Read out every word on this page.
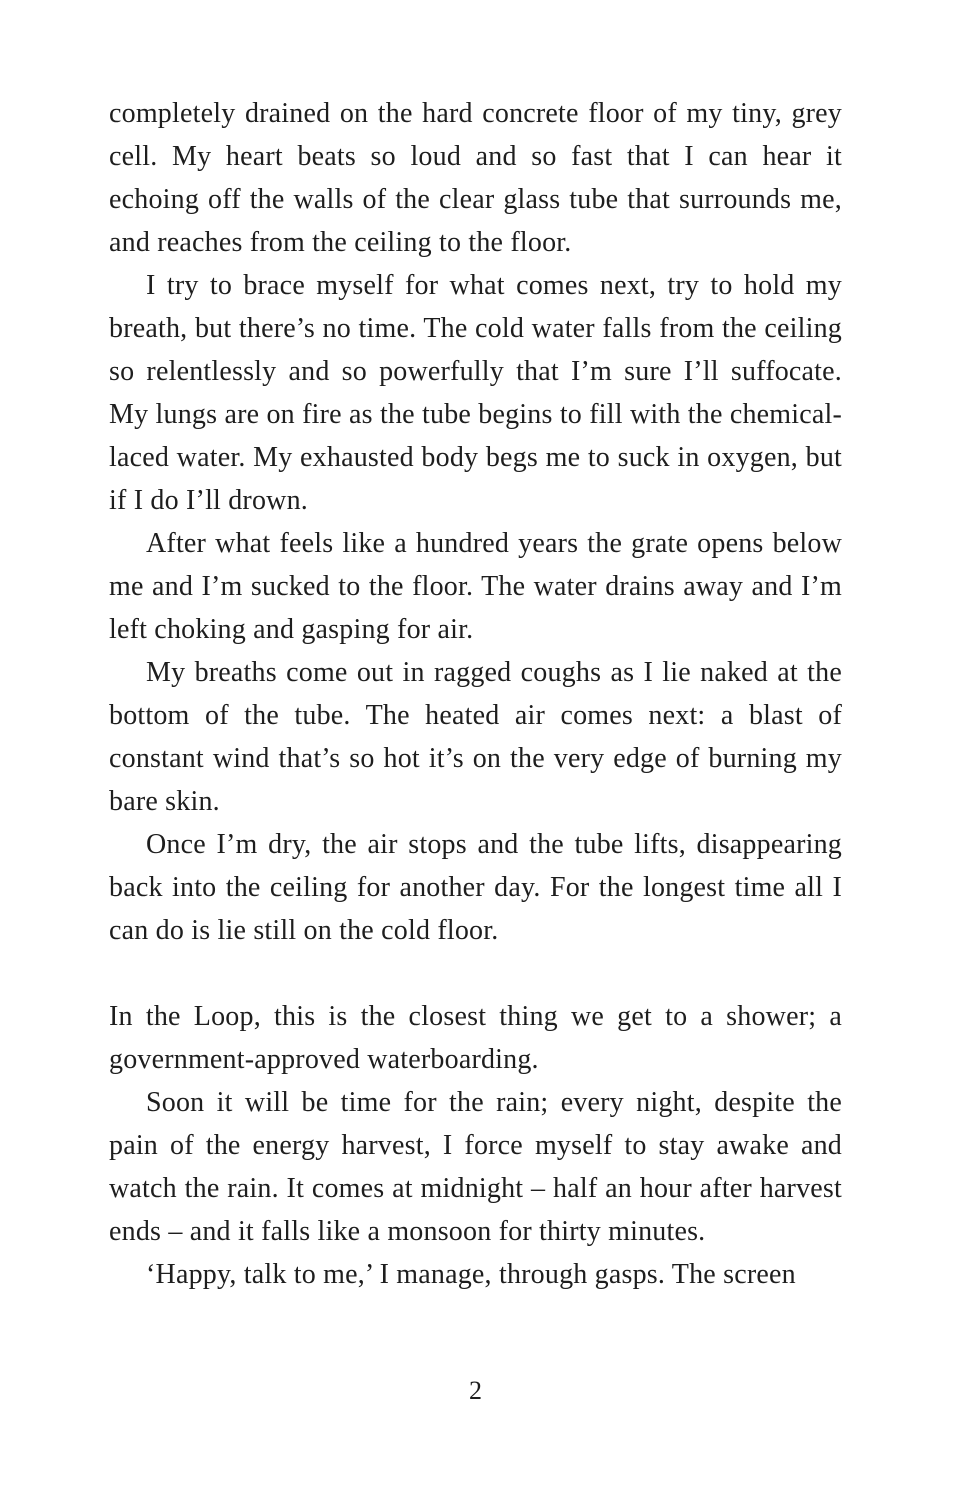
completely drained on the hard concrete floor of my tiny, grey cell. My heart beats so loud and so fast that I can hear it echoing off the walls of the clear glass tube that surrounds me, and reaches from the ceiling to the floor.

I try to brace myself for what comes next, try to hold my breath, but there’s no time. The cold water falls from the ceiling so relentlessly and so powerfully that I’m sure I’ll suffocate. My lungs are on fire as the tube begins to fill with the chemical-laced water. My exhausted body begs me to suck in oxygen, but if I do I’ll drown.

After what feels like a hundred years the grate opens below me and I’m sucked to the floor. The water drains away and I’m left choking and gasping for air.

My breaths come out in ragged coughs as I lie naked at the bottom of the tube. The heated air comes next: a blast of constant wind that’s so hot it’s on the very edge of burning my bare skin.

Once I’m dry, the air stops and the tube lifts, disappearing back into the ceiling for another day. For the longest time all I can do is lie still on the cold floor.

In the Loop, this is the closest thing we get to a shower; a government-approved waterboarding.

Soon it will be time for the rain; every night, despite the pain of the energy harvest, I force myself to stay awake and watch the rain. It comes at midnight – half an hour after harvest ends – and it falls like a monsoon for thirty minutes.

‘Happy, talk to me,’ I manage, through gasps. The screen

2
